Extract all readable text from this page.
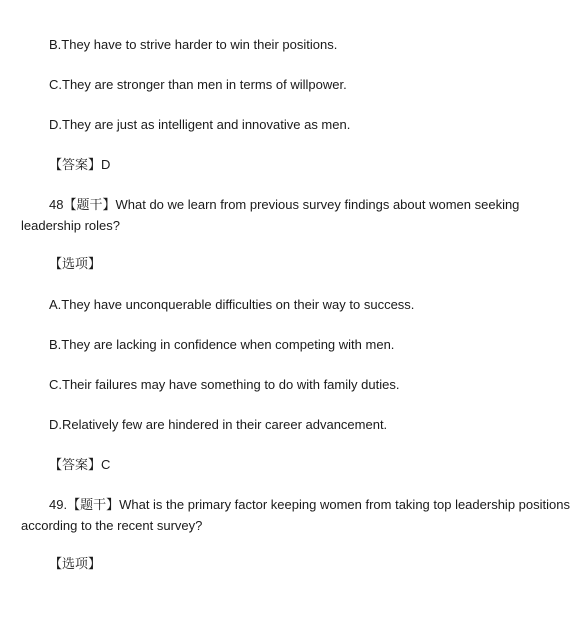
B.They have to strive harder to win their positions.
C.They are stronger than men in terms of willpower.
D.They are just as intelligent and innovative as men.
【答案】D
48【题干】What do we learn from previous survey findings about women seeking leadership roles?
【选项】
A.They have unconquerable difficulties on their way to success.
B.They are lacking in confidence when competing with men.
C.Their failures may have something to do with family duties.
D.Relatively few are hindered in their career advancement.
【答案】C
49.【题干】What is the primary factor keeping women from taking top leadership positions according to the recent survey?
【选项】
